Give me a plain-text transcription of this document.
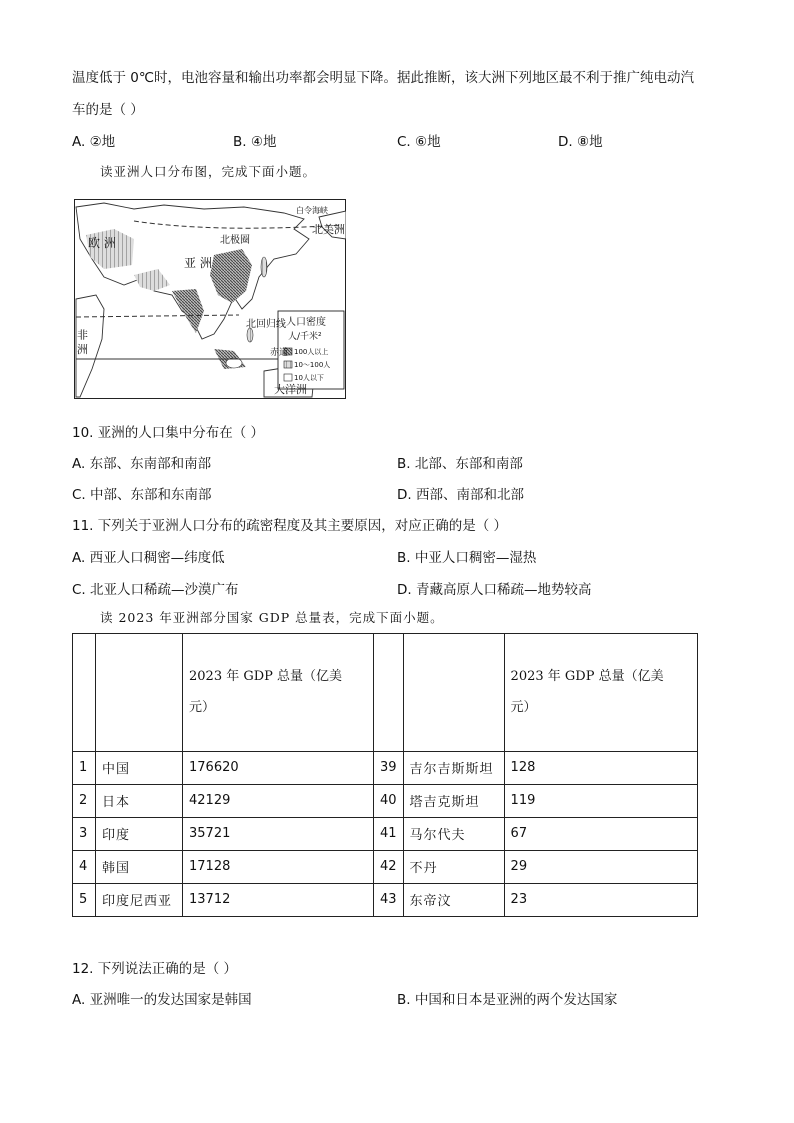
温度低于 0℃时，电池容量和输出功率都会明显下降。据此推断，该大洲下列地区最不利于推广纯电动汽
车的是（ ）
A. ②地	B. ④地	C. ⑥地	D. ⑧地
读亚洲人口分布图，完成下面小题。
欧 洲
亚 洲
北极圈
白令海峡
北美洲
非 洲
北回归线
赤道
大洋洲
人口密度
人/千米²
100人以上
10～100人
10人以下
10. 亚洲的人口集中分布在（ ）
A. 东部、东南部和南部	B. 北部、东部和南部
C. 中部、东部和东南部	D. 西部、南部和北部
11. 下列关于亚洲人口分布的疏密程度及其主要原因，对应正确的是（ ）
A. 西亚人口稠密—纬度低	B. 中亚人口稠密—湿热
C. 北亚人口稀疏—沙漠广布	D. 青藏高原人口稀疏—地势较高
读 2023 年亚洲部分国家 GDP 总量表，完成下面小题。
		2023 年 GDP 总量（亿美
元）			2023 年 GDP 总量（亿美
元）
1	中国	176620	39	吉尔吉斯斯坦	128
2	日本	42129	40	塔吉克斯坦	119
3	印度	35721	41	马尔代夫	67
4	韩国	17128	42	不丹	29
5	印度尼西亚	13712	43	东帝汶	23
12. 下列说法正确的是（ ）
A. 亚洲唯一的发达国家是韩国	B. 中国和日本是亚洲的两个发达国家
